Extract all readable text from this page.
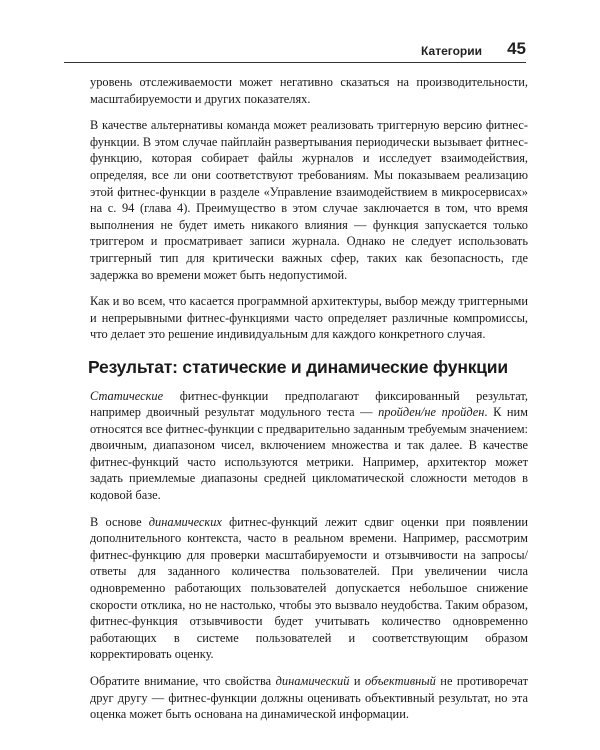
Категории 45

уровень отслеживаемости может негативно сказаться на производительности, масштабируемости и других показателях.

В качестве альтернативы команда может реализовать триггерную версию фитнес-функции. В этом случае пайплайн развертывания периодически вызывает фитнес-функцию, которая собирает файлы журналов и исследует взаимодействия, определяя, все ли они соответствуют требованиям. Мы показываем реализацию этой фитнес-функции в разделе «Управление взаимодействием в микросервисах» на с. 94 (глава 4). Преимущество в этом случае заключается в том, что время выполнения не будет иметь никакого влияния — функция запускается только триггером и просматривает записи журнала. Однако не следует использовать триггерный тип для критически важных сфер, таких как безопасность, где задержка во времени может быть недопустимой.

Как и во всем, что касается программной архитектуры, выбор между триггерными и непрерывными фитнес-функциями часто определяет различные компромиссы, что делает это решение индивидуальным для каждого конкретного случая.

Результат: статические и динамические функции

Статические фитнес-функции предполагают фиксированный результат, например двоичный результат модульного теста — пройден/не пройден. К ним относятся все фитнес-функции с предварительно заданным требуемым значением: двоичным, диапазоном чисел, включением множества и так далее. В качестве фитнес-функций часто используются метрики. Например, архитектор может задать приемлемые диапазоны средней цикломатической сложности методов в кодовой базе.

В основе динамических фитнес-функций лежит сдвиг оценки при появлении дополнительного контекста, часто в реальном времени. Например, рассмотрим фитнес-функцию для проверки масштабируемости и отзывчивости на запросы/ответы для заданного количества пользователей. При увеличении числа одновременно работающих пользователей допускается небольшое снижение скорости отклика, но не настолько, чтобы это вызвало неудобства. Таким образом, фитнес-функция отзывчивости будет учитывать количество одновременно работающих в системе пользователей и соответствующим образом корректировать оценку.

Обратите внимание, что свойства динамический и объективный не противоречат друг другу — фитнес-функции должны оценивать объективный результат, но эта оценка может быть основана на динамической информации.
